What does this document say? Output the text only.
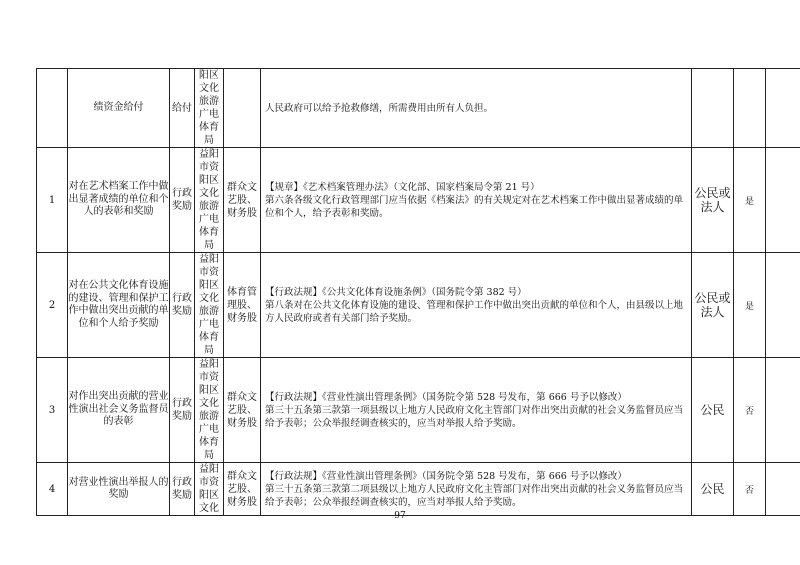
	绩资金给付	给付	阳区文化旅游广电体育局		人民政府可以给予抢救修缮，所需费用由所有人负担。			

1	对在艺术档案工作中做出显著成绩的单位和个人的表彰和奖励	行政奖励	益阳市资阳区文化旅游广电体育局	群众文艺股、财务股	【规章】《艺术档案管理办法》（文化部、国家档案局令第 21 号）
第六条各级文化行政管理部门应当依据《档案法》的有关规定对在艺术档案工作中做出显著成绩的单位和个人，给予表彰和奖励。	公民或法人	是	
2	对在公共文化体育设施的建设、管理和保护工作中做出突出贡献的单位和个人给予奖励	行政奖励	益阳市资阳区文化旅游广电体育局	体育管理股、财务股	【行政法规】《公共文化体育设施条例》（国务院令第 382 号）
第八条对在公共文化体育设施的建设、管理和保护工作中做出突出贡献的单位和个人，由县级以上地方人民政府或者有关部门给予奖励。	公民或法人	是	
3	对作出突出贡献的营业性演出社会义务监督员的表彰	行政奖励	益阳市资阳区文化旅游广电体育局	群众文艺股、财务股	【行政法规】《营业性演出管理条例》（国务院令第 528 号发布，第 666 号予以修改）
第三十五条第三款第一项县级以上地方人民政府文化主管部门对作出突出贡献的社会义务监督员应当给予表彰；公众举报经调查核实的，应当对举报人给予奖励。	公民	否	
4	对营业性演出举报人的奖励	行政奖励	益阳市资阳区文化	群众文艺股、财务股	【行政法规】《营业性演出管理条例》（国务院令第 528 号发布，第 666 号予以修改）
第三十五条第三款第二项县级以上地方人民政府文化主管部门对作出突出贡献的社会义务监督员应当给予表彰；公众举报经调查核实的，应当对举报人给予奖励。	公民	否	
97
